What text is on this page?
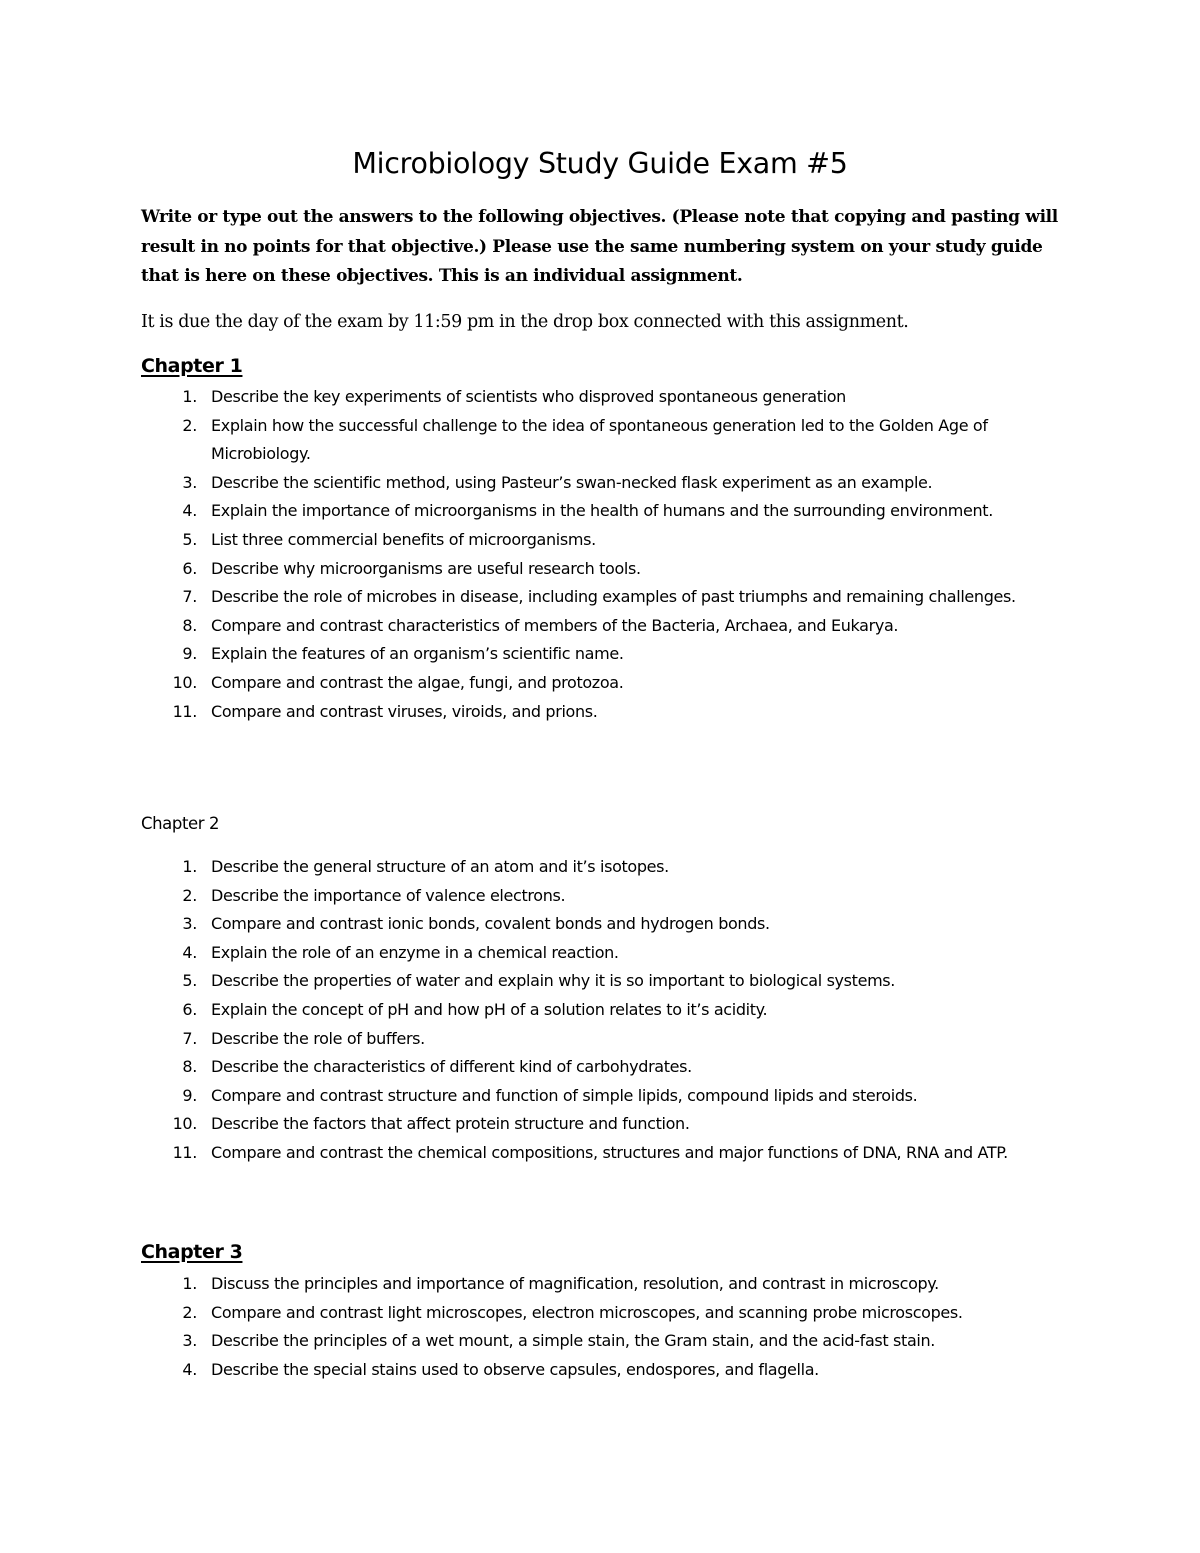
Microbiology Study Guide Exam #5

Write or type out the answers to the following objectives. (Please note that copying and pasting will result in no points for that objective.) Please use the same numbering system on your study guide that is here on these objectives. This is an individual assignment.

It is due the day of the exam by 11:59 pm in the drop box connected with this assignment.

Chapter 1
1. Describe the key experiments of scientists who disproved spontaneous generation
2. Explain how the successful challenge to the idea of spontaneous generation led to the Golden Age of Microbiology.
3. Describe the scientific method, using Pasteur’s swan-necked flask experiment as an example.
4. Explain the importance of microorganisms in the health of humans and the surrounding environment.
5. List three commercial benefits of microorganisms.
6. Describe why microorganisms are useful research tools.
7. Describe the role of microbes in disease, including examples of past triumphs and remaining challenges.
8. Compare and contrast characteristics of members of the Bacteria, Archaea, and Eukarya.
9. Explain the features of an organism’s scientific name.
10. Compare and contrast the algae, fungi, and protozoa.
11. Compare and contrast viruses, viroids, and prions.
Chapter 2
1. Describe the general structure of an atom and it’s isotopes.
2. Describe the importance of valence electrons.
3. Compare and contrast ionic bonds, covalent bonds and hydrogen bonds.
4. Explain the role of an enzyme in a chemical reaction.
5. Describe the properties of water and explain why it is so important to biological systems.
6. Explain the concept of pH and how pH of a solution relates to it’s acidity.
7. Describe the role of buffers.
8. Describe the characteristics of different kind of carbohydrates.
9. Compare and contrast structure and function of simple lipids, compound lipids and steroids.
10. Describe the factors that affect protein structure and function.
11. Compare and contrast the chemical compositions, structures and major functions of DNA, RNA and ATP.
Chapter 3
1. Discuss the principles and importance of magnification, resolution, and contrast in microscopy.
2. Compare and contrast light microscopes, electron microscopes, and scanning probe microscopes.
3. Describe the principles of a wet mount, a simple stain, the Gram stain, and the acid-fast stain.
4. Describe the special stains used to observe capsules, endospores, and flagella.
